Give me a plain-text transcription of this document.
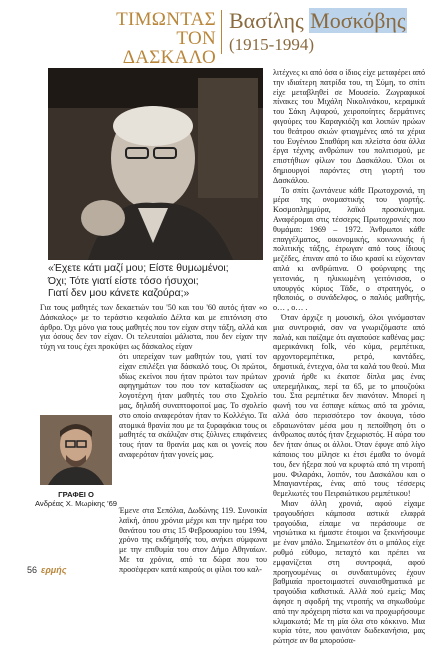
ΤΙΜΩΝΤΑΣ
ΤΟΝ
ΔΑΣΚΑΛΟ
Βασίλης Μοσκόβης
(1915-1994)
«Έχετε κάτι μαζί μου; Είστε θυμωμένοι;
Όχι; Τότε γιατί είστε τόσο ήσυχοι;
Γιατί δεν μου κάνετε καζούρα;»

Για τους μαθητές των δεκαετιών του '50 και του '60 αυτός ήταν «ο Δάσκαλος» με το τεράστιο κεφαλαίο Δέλτα και με επιτόνιση στο άρθρο. Όχι μόνο για τους μαθητές που τον είχαν στην τάξη, αλλά και για όσους δεν τον είχαν. Οι τελευταίοι μάλιστα, που δεν είχαν την τύχη να τους έχει προκύψει ως δάσκαλος είχαν

ότι υπερείχαν των μαθητών του, γιατί τον είχαν επιλέξει για δάσκαλό τους. Οι πρώτοι, ιδίως εκείνοι που ήταν πρώτοι των πρώτων αφηγημάτων του που τον καταξίωσαν ως λογοτέχνη ήταν μαθητές του στο Σχολείο μας, δηλαδή συναπτοφοιτοί μας. Το σχολείο στο οποίο αναφερόταν ήταν το Κολλέγιο. Τα ατομικά θρανία που με τα ξυραφάκια τους οι μαθητές τα σκάλιζαν στις ξύλινες επιφάνειες τους ήταν τα θρανία μας και οι γονείς που αναφερόταν ήταν γονείς μας.

ΓΡΑΦΕΙ Ο
Ανδρέας Χ. Μωρίκης '69

Έμενε στα Σεπόλια, Δωδώνης 119. Συνοικία λαϊκή, όπου χρόνια μέχρι και την ημέρα του θανάτου του στις 15 Φεβρουαρίου του 1994, χρόνο της εκδήμησής του, ανήκει σύμφωνα με την επιθυμία του στον Δήμο Αθηναίων. Με τα χρόνια, από τα δώρα που του προσέφεραν κατά καιρούς οι φίλοι του καλ-

λιτέχνες κι από όσα ο ίδιος είχε μεταφέρει από την ιδιαίτερη πατρίδα του, τη Σύμη, το σπίτι είχε μεταβληθεί σε Μουσείο. Ζωγραφικοί πίνακες του Μιχάλη Νικολινάκου, κεραμικά του Σάκη Αψαρού, χειροποίητες δερμάτινες φιγούρες του Καραγκιόζη και λοιπών ηρώων του θεάτρου σκιών φτιαγμένες από τα χέρια του Ευγένιου Σπαθάρη και πλείστα όσα άλλα έργα τέχνης ανθρώπων του πολιτισμού, με επιστήθιων φίλων του Δασκάλου. Όλοι οι δημιουργοί παρόντες στη γιορτή του Δασκάλου.

Το σπίτι ζωντάνευε κάθε Πρωτοχρονιά, τη μέρα της ονομαστικής του γιορτής. Κοσμοπλημμύρα, λαϊκό προσκύνημα. Αναφέρομαι στις τέσσερις Πρωτοχρονιές που θυμάμαι: 1969 – 1972. Άνθρωποι κάθε επαγγέλματος, οικονομικής, κοινωνικής ή πολιτικής τάξης, έτρωγαν από τους ίδιους μεζέδες, έπιναν από το ίδιο κρασί κι εύχονταν απλά κι ανθρώπινα. Ο φούρναρης της γειτονιάς, η ηλικιωμένη γειτόνισσα, ο υπουργός κύριος Τάδε, ο στρατηγός, ο ηθοποιός, ο συνάδελφος, ο παλιός μαθητής, ο… , ο… .

Όταν άρχιζε η μουσική, όλοι γινόμασταν μια συντροφιά, σαν να γνωριζόμαστε από παλιά, και παίζαμε ότι αγαπούσε καθένας μας: αμερικάνικη folk, νέο κύμα, ρεμπέτικα, αρχοντορεμπέτικα, ρετρό, καντάδες, δημοτικά, έντεχνα, όλα τα καλά του θεού. Μια χρονιά ήρθε κι έκατσε δίπλα μας ένας υπερεμήλικας, περί τα 65, με το μπουζούκι του. Στα ρεμπέτικα δεν πιανόταν. Μπορεί η φωνή του να έσπαγε κάπως από τα χρόνια, αλλά όσο περισσότερο τον άκουγα, τόσο εδραιωνόταν μέσα μου η πεποίθηση ότι ο άνθρωπος αυτός ήταν ξεχωριστός. Η αύρα του δεν ήταν όπως οι άλλοι. Όταν έφυγε από λίγο κάποιος του μίλησε κι έτσι έμαθα το όνομά του, δεν ήξερα πού να κρυφτώ από τη ντροπή μου. Φιλαράκι, λοιπόν, του Δασκάλου και ο Μπαγιαντέρας, ένας από τους τέσσερις θεμελιωτές του Πειραιώτικου ρεμπέτικου!

Μιαν άλλη χρονιά, αφού είχαμε τραγουδήσει κάμποσα αστικά ελαφρά τραγούδια, είπαμε να περάσουμε σε νησιώτικα κι ήμαστε έτοιμοι να ξεκινήσουμε με έναν μπάλο. Σημειωτέον ότι ο μπάλος είχε ρυθμό εύθυμο, πεταχτό και πρέπει να εμφανίζεται στη συντροφιά, αφού προηγουμένως οι συνδαιτυμόνες έχουν βαθμιαία προετοιμαστεί συναισθηματικά με τραγούδια καθιστικά. Αλλά πού εμείς; Μας άφησε η σφοδρή της ντροπής να σηκωθούμε από την πρόχειρη πίστα και να προχωρήσουμε κλιμακωτά; Με τη μία όλα στο κόκκινο. Μια κυρία τότε, που φαινόταν δωδεκανήσια, μας ρώτησε αν θα μπορούσα-

56 ερμής
